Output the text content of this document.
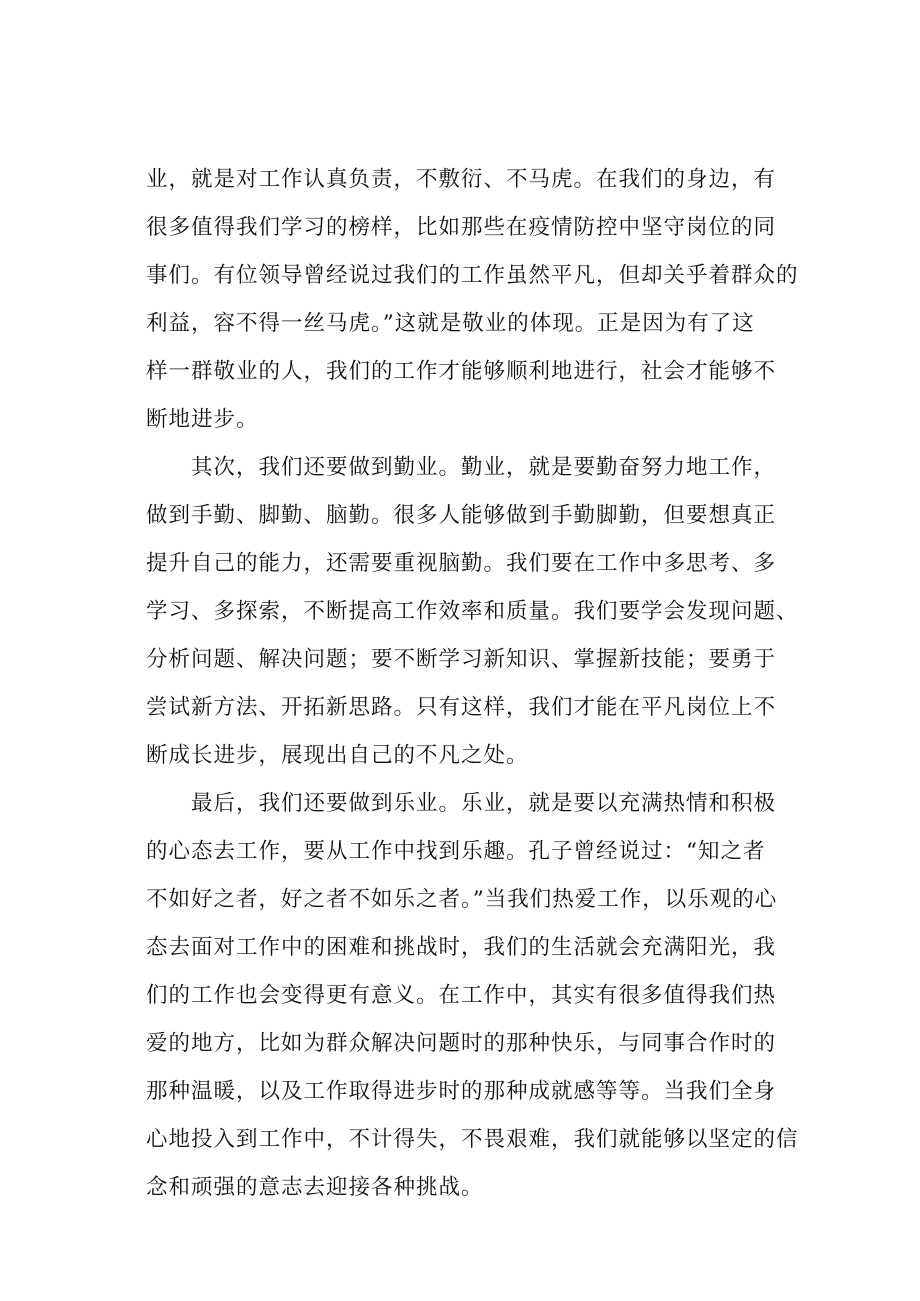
业，就是对工作认真负责，不敷衍、不马虎。在我们的身边，有
很多值得我们学习的榜样，比如那些在疫情防控中坚守岗位的同
事们。有位领导曾经说过我们的工作虽然平凡，但却关乎着群众的
利益，容不得一丝马虎。”这就是敬业的体现。正是因为有了这
样一群敬业的人，我们的工作才能够顺利地进行，社会才能够不
断地进步。
　　其次，我们还要做到勤业。勤业，就是要勤奋努力地工作，
做到手勤、脚勤、脑勤。很多人能够做到手勤脚勤，但要想真正
提升自己的能力，还需要重视脑勤。我们要在工作中多思考、多
学习、多探索，不断提高工作效率和质量。我们要学会发现问题、
分析问题、解决问题；要不断学习新知识、掌握新技能；要勇于
尝试新方法、开拓新思路。只有这样，我们才能在平凡岗位上不
断成长进步，展现出自己的不凡之处。
　　最后，我们还要做到乐业。乐业，就是要以充满热情和积极
的心态去工作，要从工作中找到乐趣。孔子曾经说过：“知之者
不如好之者，好之者不如乐之者。”当我们热爱工作，以乐观的心
态去面对工作中的困难和挑战时，我们的生活就会充满阳光，我
们的工作也会变得更有意义。在工作中，其实有很多值得我们热
爱的地方，比如为群众解决问题时的那种快乐，与同事合作时的
那种温暖，以及工作取得进步时的那种成就感等等。当我们全身
心地投入到工作中，不计得失，不畏艰难，我们就能够以坚定的信
念和顽强的意志去迎接各种挑战。
